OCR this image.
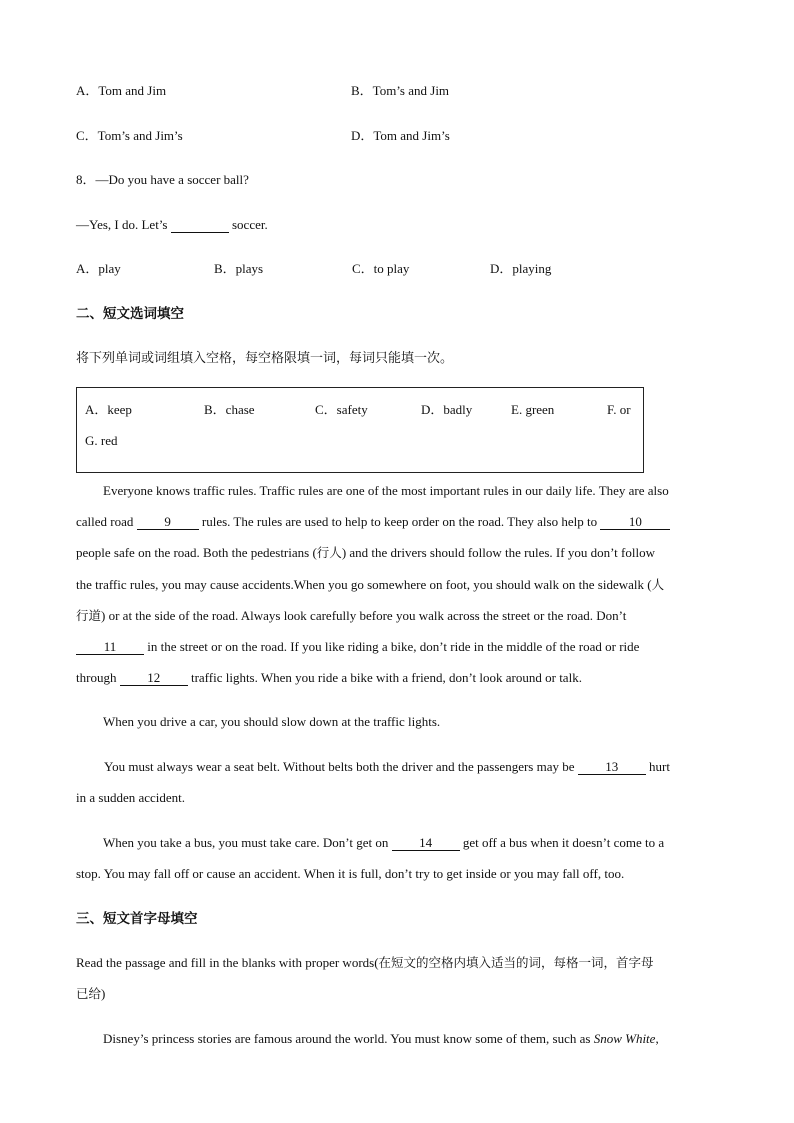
A．Tom and Jim	B．Tom’s and Jim
C．Tom’s and Jim’s	D．Tom and Jim’s
8．—Do you have a soccer ball?
—Yes, I do. Let’s	soccer.
A．play	B．plays	C．to play	D．playing
二、短文选词填空
将下列单词或词组填入空格，每空格限填一词，每词只能填一次。
A．keep	B．chase	C．safety	D．badly	E. green	F. or
G. red
Everyone knows traffic rules. Traffic rules are one of the most important rules in our daily life. They are also
called road 9 rules. The rules are used to help to keep order on the road. They also help to 10
people safe on the road. Both the pedestrians (行人) and the drivers should follow the rules. If you don’t follow
the traffic rules, you may cause accidents.When you go somewhere on foot, you should walk on the sidewalk (人
行道) or at the side of the road. Always look carefully before you walk across the street or the road. Don’t
11 in the street or on the road. If you like riding a bike, don’t ride in the middle of the road or ride
through 12 traffic lights. When you ride a bike with a friend, don’t look around or talk.
When you drive a car, you should slow down at the traffic lights.
You must always wear a seat belt. Without belts both the driver and the passengers may be 13 hurt
in a sudden accident.
When you take a bus, you must take care. Don’t get on 14 get off a bus when it doesn’t come to a
stop. You may fall off or cause an accident. When it is full, don’t try to get inside or you may fall off, too.
三、短文首字母填空
Read the passage and fill in the blanks with proper words(在短文的空格内填入适当的词，每格一词，首字母
已给)
Disney’s princess stories are famous around the world. You must know some of them, such as Snow White,
